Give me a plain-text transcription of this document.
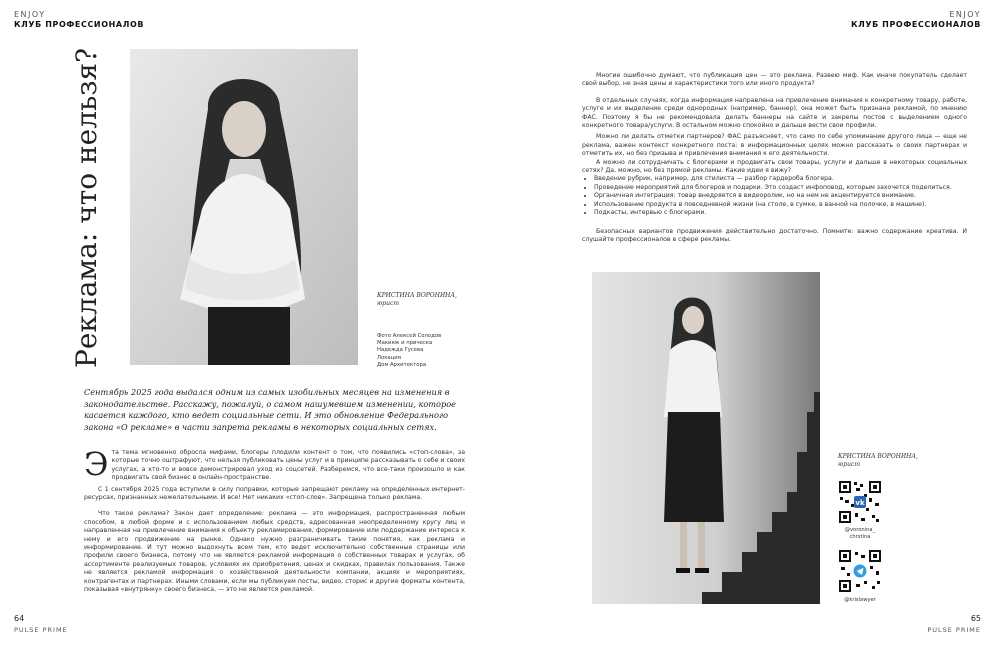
ENJOY
КЛУБ ПРОФЕССИОНАЛОВ
ENJOY
КЛУБ ПРОФЕССИОНАЛОВ
Реклама: что нельзя?	КРИСТИНА ВОРОНИНА,
юрист
Фото Алексей Солодов
Макияж и прическа
Надежда Гусева
Локация
Дом Архитектора
Сентябрь 2025 года выдался одним из самых изобильных месяцев на изменения в законодательстве. Расскажу, пожалуй, о самом нашумевшем изменении, которое касается каждого, кто ведет социальные сети. И это обновление Федерального закона «О рекламе» в части запрета рекламы в некоторых социальных сетях.

Эта тема мгновенно обросла мифами, блогеры плодили контент о том, что появились «стоп-слова», за которые точно оштрафуют, что нельзя публиковать цены услуг и в принципе рассказывать о себе и своих услугах, а кто-то и вовсе демонстрировал уход из соцсетей. Разберемся, что все-таки произошло и как продвигать свой бизнес в онлайн-пространстве.

С 1 сентября 2025 года вступили в силу поправки, которые запрещают рекламу на определенных интернет-ресурсах, признанных нежелательными. И все! Нет никаких «стоп-слов». Запрещена только реклама.

Что такое реклама? Закон дает определение: реклама — это информация, распространенная любым способом, в любой форме и с использованием любых средств, адресованная неопределенному кругу лиц и направленная на привлечение внимания к объекту рекламирования, формирование или поддержание интереса к нему и его продвижение на рынке. Однако нужно разграничивать такие понятия, как реклама и информирование. И тут можно выдохнуть всем тем, кто ведет исключительно собственные страницы или профили своего бизнеса, потому что не является рекламой информация о собственных товарах и услугах, об ассортименте реализуемых товаров, условиях их приобретения, ценах и скидках, правилах пользования. Также не является рекламой информация о хозяйственной деятельности компании, акциях и мероприятиях, контрагентах и партнерах. Иными словами, если мы публикуем посты, видео, сторис и другие форматы контента, показывая «внутрянку» своего бизнеса, — это не является рекламой.

64
PULSE PRIME

Многие ошибочно думают, что публикация цен — это реклама. Развею миф. Как иначе покупатель сделает свой выбор, не зная цены и характеристики того или иного продукта?

В отдельных случаях, когда информация направлена на привлечение внимания к конкретному товару, работе, услуге и их выделение среди однородных (например, баннер), она может быть признана рекламой, по мнению ФАС. Поэтому я бы не рекомендовала делать баннеры на сайте и закрепы постов с выделением одного конкретного товара/услуги. В остальном можно спокойно и дальше вести свои профили.

Можно ли делать отметки партнеров? ФАС разъясняет, что само по себе упоминание другого лица — еще не реклама, важен контекст конкретного поста: в информационных целях можно рассказать о своих партнерах и отметить их, но без призыва и привлечения внимания к его деятельности.

А можно ли сотрудничать с блогерами и продвигать свои товары, услуги и дальше в некоторых социальных сетях? Да, можно, но без прямой рекламы. Какие идеи я вижу?

• Введение рубрик, например, для стилиста — разбор гардероба блогера.
• Проведение мероприятий для блогеров и подарки. Это создаст инфоповод, которым захочется поделиться.
• Органичная интеграция: товар внедряется в видеоролик, но на нем не акцентируется внимание.
• Использование продукта в повседневной жизни (на столе, в сумке, в ванной на полочке, в машине).
• Подкасты, интервью с блогерами.

Безопасных вариантов продвижения действительно достаточно. Помните: важно содержание креатива. И слушайте профессионалов в сфере рекламы.

КРИСТИНА ВОРОНИНА,
юрист
vk
@voronina_ chrstina
@krislawyer
65
PULSE PRIME
